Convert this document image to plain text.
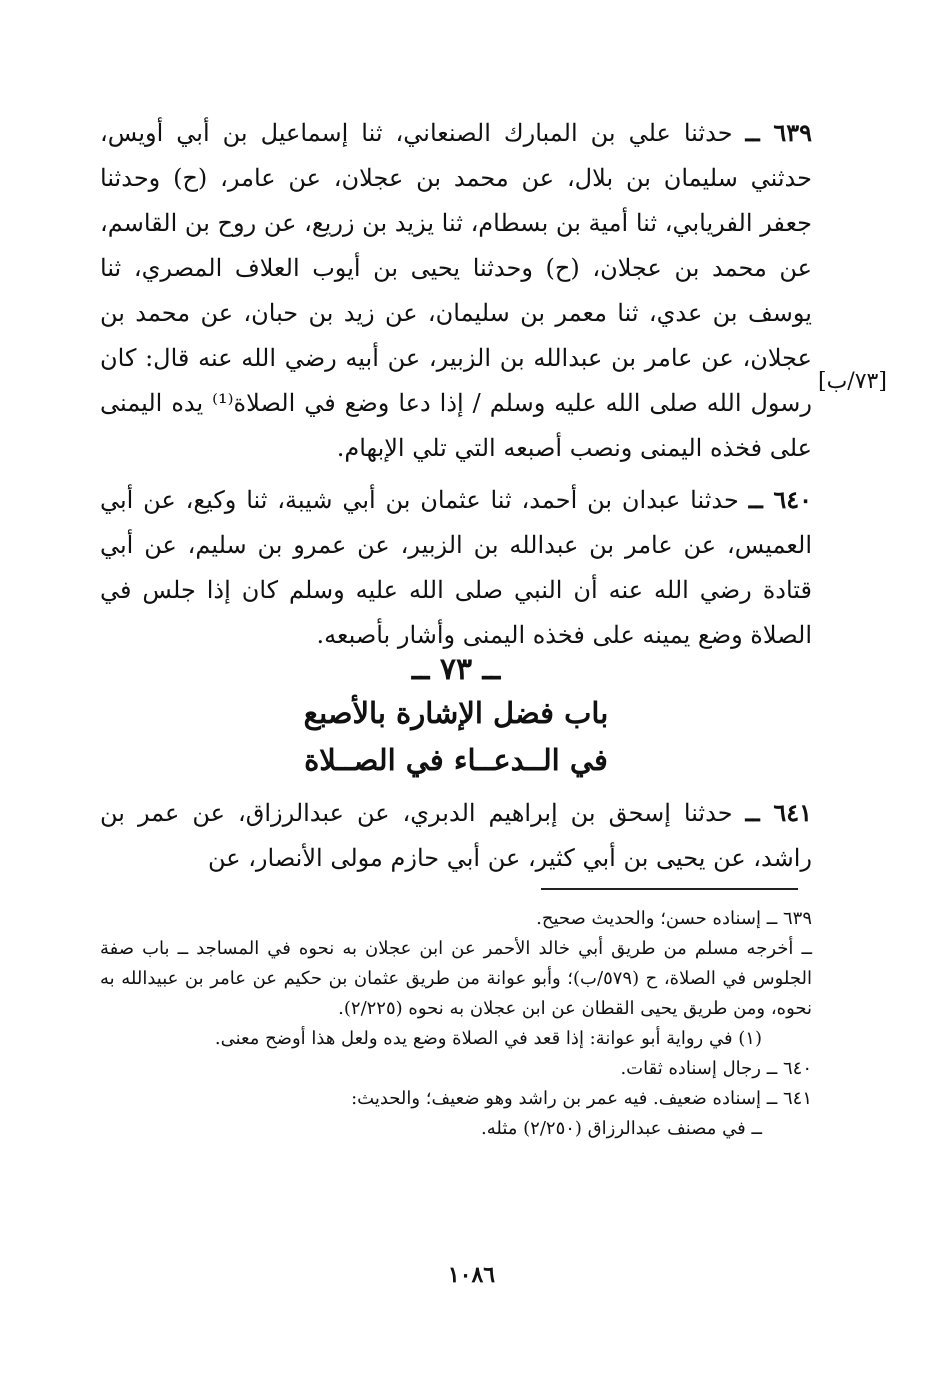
٦٣٩ ــ حدثنا علي بن المبارك الصنعاني، ثنا إسماعيل بن أبي أويس، حدثني سليمان بن بلال، عن محمد بن عجلان، عن عامر، (ح) وحدثنا جعفر الفريابي، ثنا أمية بن بسطام، ثنا يزيد بن زريع، عن روح بن القاسم، عن محمد بن عجلان، (ح) وحدثنا يحيى بن أيوب العلاف المصري، ثنا يوسف بن عدي، ثنا معمر بن سليمان، عن زيد بن حبان، عن محمد بن عجلان، عن عامر بن عبدالله بن الزبير، عن أبيه رضي الله عنه قال: كان رسول الله صلى الله عليه وسلم / إذا دعا وضع في الصلاة⁽¹⁾ يده اليمنى على فخذه اليمنى ونصب أصبعه التي تلي الإبهام.

٦٤٠ ــ حدثنا عبدان بن أحمد، ثنا عثمان بن أبي شيبة، ثنا وكيع، عن أبي العميس، عن عامر بن عبدالله بن الزبير، عن عمرو بن سليم، عن أبي قتادة رضي الله عنه أن النبي صلى الله عليه وسلم كان إذا جلس في الصلاة وضع يمينه على فخذه اليمنى وأشار بأصبعه.

[٧٣/ب]
ــ ٧٣ ــ
باب فضل الإشارة بالأصبع
في الــدعــاء في الصــلاة

٦٤١ ــ حدثنا إسحق بن إبراهيم الدبري، عن عبدالرزاق، عن عمر بن راشد، عن يحيى بن أبي كثير، عن أبي حازم مولى الأنصار، عن

٦٣٩ ــ إسناده حسن؛ والحديث صحيح.

ــ أخرجه مسلم من طريق أبي خالد الأحمر عن ابن عجلان به نحوه في المساجد ــ باب صفة الجلوس في الصلاة، ح (٥٧٩/ب)؛ وأبو عوانة من طريق عثمان بن حكيم عن عامر بن عبيدالله به نحوه، ومن طريق يحيى القطان عن ابن عجلان به نحوه (٢/٢٢٥).

(١) في رواية أبو عوانة: إذا قعد في الصلاة وضع يده ولعل هذا أوضح معنى.

٦٤٠ ــ رجال إسناده ثقات.

٦٤١ ــ إسناده ضعيف. فيه عمر بن راشد وهو ضعيف؛ والحديث:

ــ في مصنف عبدالرزاق (٢/٢٥٠) مثله.

١٠٨٦
